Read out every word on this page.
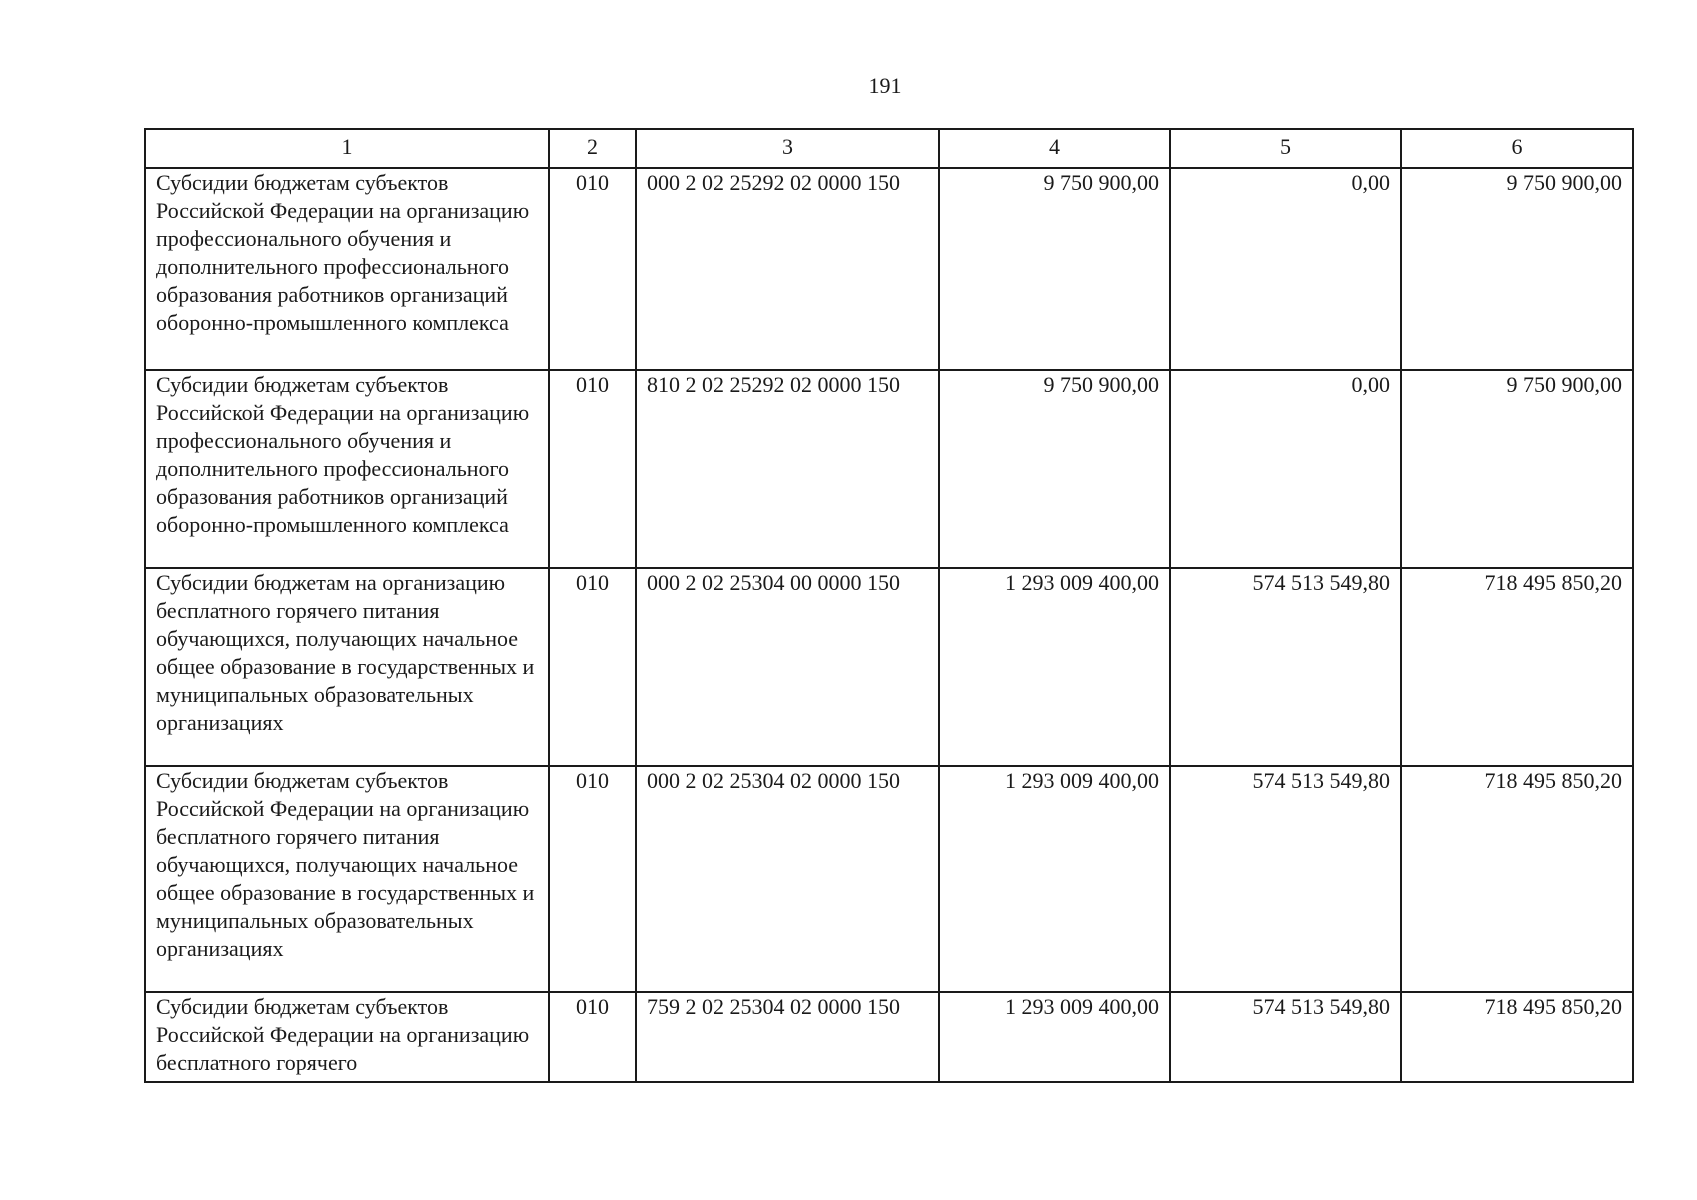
191
1	2	3	4	5	6
Субсидии бюджетам субъектов Российской Федерации на организацию профессионального обучения и дополнительного профессионального образования работников организаций оборонно-промышленного комплекса	010	000 2 02 25292 02 0000 150	9 750 900,00	0,00	9 750 900,00
Субсидии бюджетам субъектов Российской Федерации на организацию профессионального обучения и дополнительного профессионального образования работников организаций оборонно-промышленного комплекса	010	810 2 02 25292 02 0000 150	9 750 900,00	0,00	9 750 900,00
Субсидии бюджетам на организацию бесплатного горячего питания обучающихся, получающих начальное общее образование в государственных и муниципальных образовательных организациях	010	000 2 02 25304 00 0000 150	1 293 009 400,00	574 513 549,80	718 495 850,20
Субсидии бюджетам субъектов Российской Федерации на организацию бесплатного горячего питания обучающихся, получающих начальное общее образование в государственных и муниципальных образовательных организациях	010	000 2 02 25304 02 0000 150	1 293 009 400,00	574 513 549,80	718 495 850,20
Субсидии бюджетам субъектов Российской Федерации на организацию бесплатного горячего	010	759 2 02 25304 02 0000 150	1 293 009 400,00	574 513 549,80	718 495 850,20
